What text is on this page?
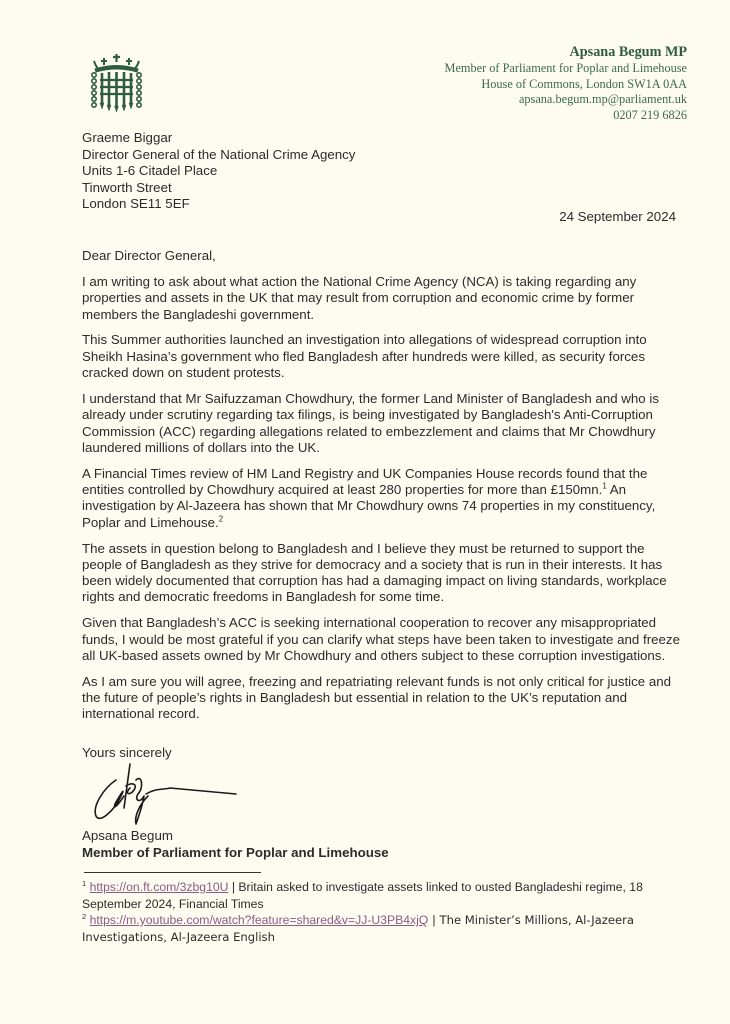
Apsana Begum MP
Member of Parliament for Poplar and Limehouse
House of Commons, London SW1A 0AA
apsana.begum.mp@parliament.uk
0207 219 6826
Graeme Biggar
Director General of the National Crime Agency
Units 1-6 Citadel Place
Tinworth Street
London SE11 5EF
24 September 2024
Dear Director General,

I am writing to ask about what action the National Crime Agency (NCA) is taking regarding any properties and assets in the UK that may result from corruption and economic crime by former members the Bangladeshi government.

This Summer authorities launched an investigation into allegations of widespread corruption into Sheikh Hasina’s government who fled Bangladesh after hundreds were killed, as security forces cracked down on student protests.

I understand that Mr Saifuzzaman Chowdhury, the former Land Minister of Bangladesh and who is already under scrutiny regarding tax filings, is being investigated by Bangladesh's Anti-Corruption Commission (ACC) regarding allegations related to embezzlement and claims that Mr Chowdhury laundered millions of dollars into the UK.

A Financial Times review of HM Land Registry and UK Companies House records found that the entities controlled by Chowdhury acquired at least 280 properties for more than £150mn.$^1$ An investigation by Al-Jazeera has shown that Mr Chowdhury owns 74 properties in my constituency, Poplar and Limehouse.$^2$

The assets in question belong to Bangladesh and I believe they must be returned to support the people of Bangladesh as they strive for democracy and a society that is run in their interests. It has been widely documented that corruption has had a damaging impact on living standards, workplace rights and democratic freedoms in Bangladesh for some time.

Given that Bangladesh’s ACC is seeking international cooperation to recover any misappropriated funds, I would be most grateful if you can clarify what steps have been taken to investigate and freeze all UK-based assets owned by Mr Chowdhury and others subject to these corruption investigations.

As I am sure you will agree, freezing and repatriating relevant funds is not only critical for justice and the future of people’s rights in Bangladesh but essential in relation to the UK’s reputation and international record.

Yours sincerely
Apsana Begum
Member of Parliament for Poplar and Limehouse
$^1$ https://on.ft.com/3zbg10U | Britain asked to investigate assets linked to ousted Bangladeshi regime, 18 September 2024, Financial Times
$^2$ https://m.youtube.com/watch?feature=shared&v=JJ-U3PB4xjQ | The Minister’s Millions, Al-Jazeera Investigations, Al-Jazeera English
